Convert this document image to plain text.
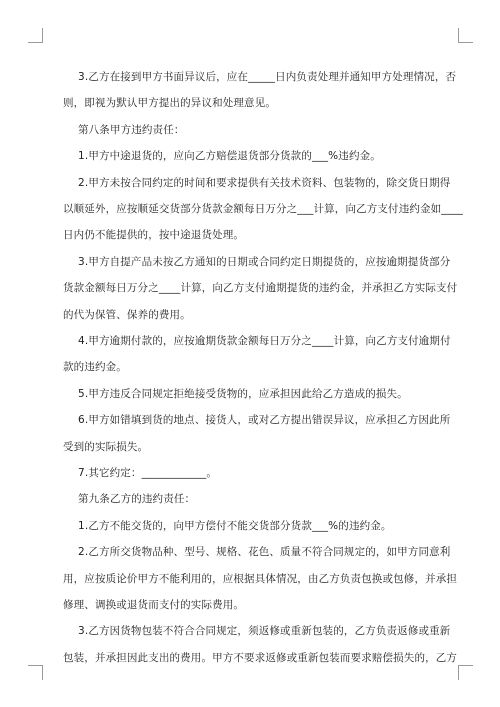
3.乙方在接到甲方书面异议后，应在_____日内负责处理并通知甲方处理情况，否
则，即视为默认甲方提出的异议和处理意见。
第八条甲方违约责任：
1.甲方中途退货的，应向乙方赔偿退货部分货款的___%违约金。
2.甲方未按合同约定的时间和要求提供有关技术资料、包装物的，除交货日期得
以顺延外，应按顺延交货部分货款金额每日万分之___计算，向乙方支付违约金如____
日内仍不能提供的，按中途退货处理。
3.甲方自提产品未按乙方通知的日期或合同约定日期提货的，应按逾期提货部分
货款金额每日万分之____计算，向乙方支付逾期提货的违约金，并承担乙方实际支付
的代为保管、保养的费用。
4.甲方逾期付款的，应按逾期货款金额每日万分之____计算，向乙方支付逾期付
款的违约金。
5.甲方违反合同规定拒绝接受货物的，应承担因此给乙方造成的损失。
6.甲方如错填到货的地点、接货人，或对乙方提出错误异议，应承担乙方因此所
受到的实际损失。
7.其它约定：____________。
第九条乙方的违约责任：
1.乙方不能交货的，向甲方偿付不能交货部分货款___%的违约金。
2.乙方所交货物品种、型号、规格、花色、质量不符合同规定的，如甲方同意利
用，应按质论价甲方不能利用的，应根据具体情况，由乙方负责包换或包修，并承担
修理、调换或退货而支付的实际费用。
3.乙方因货物包装不符合合同规定，须返修或重新包装的，乙方负责返修或重新
包装，并承担因此支出的费用。甲方不要求返修或重新包装而要求赔偿损失的，乙方
